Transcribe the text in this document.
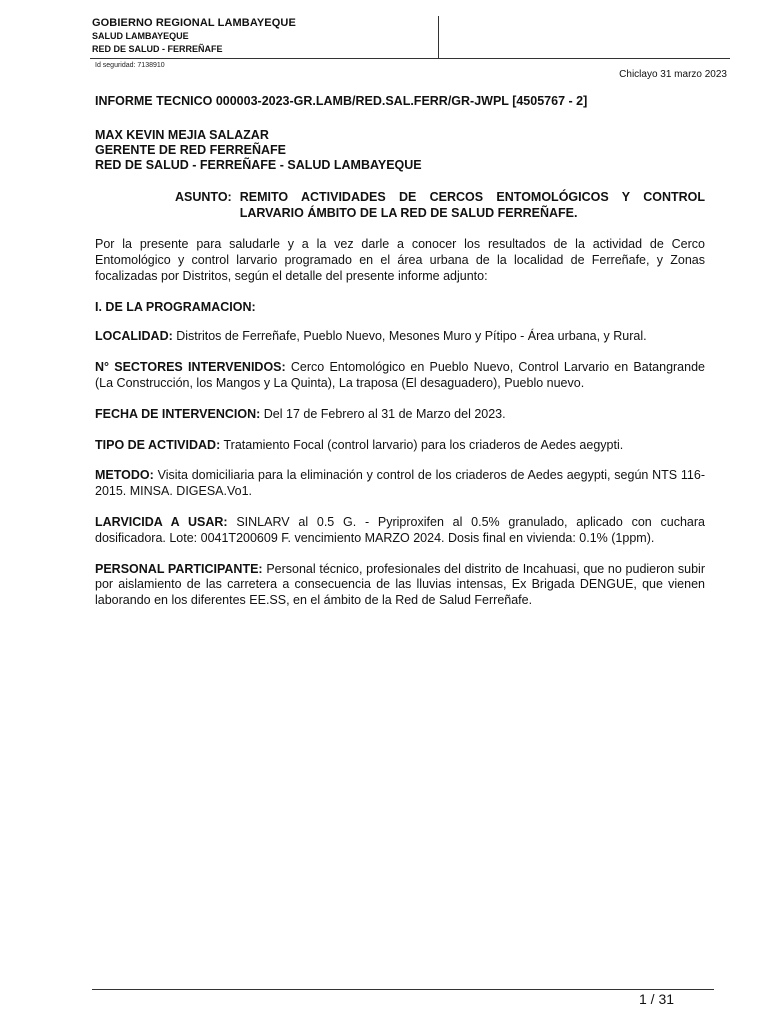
GOBIERNO REGIONAL LAMBAYEQUE
SALUD LAMBAYEQUE
RED DE SALUD - FERREÑAFE
Id seguridad: 7138910
Chiclayo 31 marzo 2023
INFORME TECNICO 000003-2023-GR.LAMB/RED.SAL.FERR/GR-JWPL [4505767 - 2]
MAX KEVIN MEJIA SALAZAR
GERENTE DE RED FERREÑAFE
RED DE SALUD - FERREÑAFE - SALUD LAMBAYEQUE
ASUNTO: REMITO ACTIVIDADES DE CERCOS ENTOMOLÓGICOS Y CONTROL LARVARIO ÁMBITO DE LA RED DE SALUD FERREÑAFE.

Por la presente para saludarle y a la vez darle a conocer los resultados de la actividad de Cerco Entomológico y control larvario programado en el área urbana de la localidad de Ferreñafe, y Zonas focalizadas por Distritos, según el detalle del presente informe adjunto:

I. DE LA PROGRAMACION:

LOCALIDAD: Distritos de Ferreñafe, Pueblo Nuevo, Mesones Muro y Pítipo - Área urbana, y Rural.

N° SECTORES INTERVENIDOS: Cerco Entomológico en Pueblo Nuevo, Control Larvario en Batangrande (La Construcción, los Mangos y La Quinta), La traposa (El desaguadero), Pueblo nuevo.

FECHA DE INTERVENCION: Del 17 de Febrero al 31 de Marzo del 2023.

TIPO DE ACTIVIDAD: Tratamiento Focal (control larvario) para los criaderos de Aedes aegypti.

METODO: Visita domiciliaria para la eliminación y control de los criaderos de Aedes aegypti, según NTS 116-2015. MINSA. DIGESA.Vo1.

LARVICIDA A USAR: SINLARV al 0.5 G. - Pyriproxifen al 0.5% granulado, aplicado con cuchara dosificadora. Lote: 0041T200609 F. vencimiento MARZO 2024. Dosis final en vivienda: 0.1% (1ppm).

PERSONAL PARTICIPANTE: Personal técnico, profesionales del distrito de Incahuasi, que no pudieron subir por aislamiento de las carretera a consecuencia de las lluvias intensas, Ex Brigada DENGUE, que vienen laborando en los diferentes EE.SS, en el ámbito de la Red de Salud Ferreñafe.

1 / 31
